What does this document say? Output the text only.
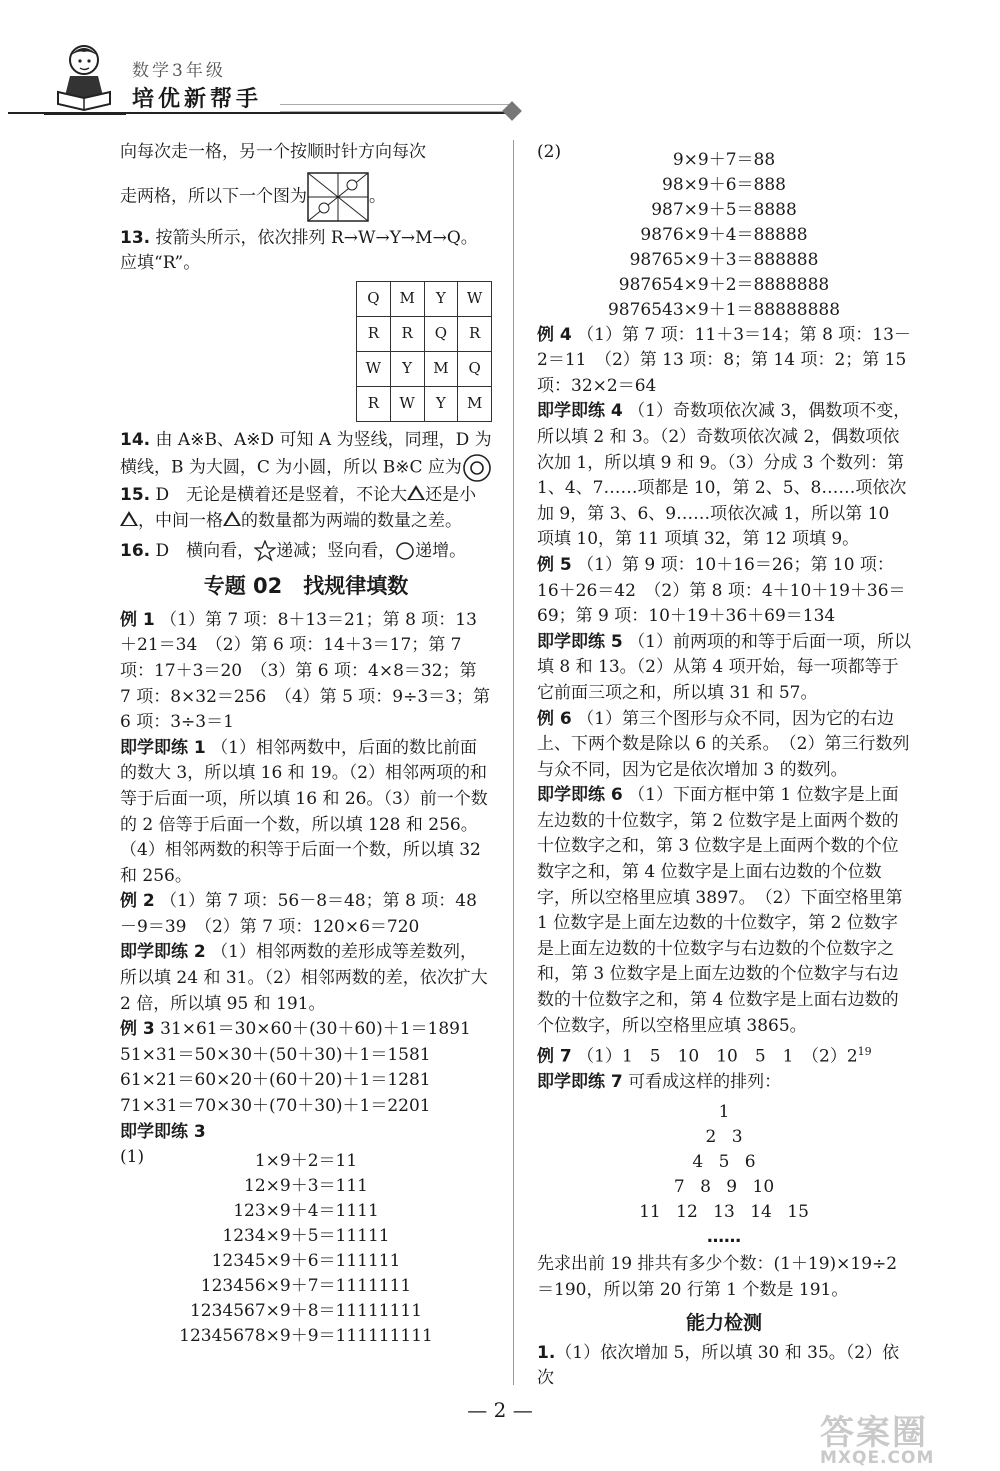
数学3年级
培优新帮手

向每次走一格，另一个按顺时针方向每次

走两格，所以下一个图为	。

13. 按箭头所示，依次排列 R→W→Y→M→Q。应填“R”。

Q	M	Y	W
R	R	Q	R
W	Y	M	Q
R	W	Y	M

14. 由 A※B、A※D 可知 A 为竖线，同理，D 为横线，B 为大圆，C 为小圆，所以 B※C 应为

15. D　无论是横着还是竖着，不论大 还是小，中间一格 的数量都为两端的数量之差。

16. D　横向看， 递减；竖向看， 递增。

专题 02　找规律填数

例 1 （1）第 7 项：8＋13＝21；第 8 项：13＋21＝34　（2）第 6 项：14＋3＝17；第 7 项：17＋3＝20　（3）第 6 项：4×8＝32；第 7 项：8×32＝256　（4）第 5 项：9÷3＝3；第 6 项：3÷3＝1

即学即练 1 （1）相邻两数中，后面的数比前面的数大 3，所以填 16 和 19。（2）相邻两项的和等于后面一项，所以填 16 和 26。（3）前一个数的 2 倍等于后面一个数，所以填 128 和 256。（4）相邻两数的积等于后面一个数，所以填 32 和 256。

例 2 （1）第 7 项：56－8＝48；第 8 项：48－9＝39　（2）第 7 项：120×6＝720

即学即练 2 （1）相邻两数的差形成等差数列，所以填 24 和 31。（2）相邻两数的差，依次扩大 2 倍，所以填 95 和 191。

例 3 31×61＝30×60＋(30＋60)＋1＝1891

51×31＝50×30＋(50＋30)＋1＝1581

61×21＝60×20＋(60＋20)＋1＝1281

71×31＝70×30＋(70＋30)＋1＝2201

即学即练 3

(1)	1×9＋2＝11

12×9＋3＝111

123×9＋4＝1111

1234×9＋5＝11111

12345×9＋6＝111111

123456×9＋7＝1111111

1234567×9＋8＝11111111

12345678×9＋9＝111111111

(2)	9×9＋7＝88

98×9＋6＝888

987×9＋5＝8888

9876×9＋4＝88888

98765×9＋3＝888888

987654×9＋2＝8888888

9876543×9＋1＝88888888

例 4 （1）第 7 项：11＋3＝14；第 8 项：13－2＝11　（2）第 13 项：8；第 14 项：2；第 15 项：32×2＝64

即学即练 4 （1）奇数项依次减 3，偶数项不变，所以填 2 和 3。（2）奇数项依次减 2，偶数项依次加 1，所以填 9 和 9。（3）分成 3 个数列：第 1、4、7……项都是 10，第 2、5、8……项依次加 9，第 3、6、9……项依次减 1，所以第 10 项填 10，第 11 项填 32，第 12 项填 9。

例 5 （1）第 9 项：10＋16＝26；第 10 项：16＋26＝42　（2）第 8 项：4＋10＋19＋36＝69；第 9 项：10＋19＋36＋69＝134

即学即练 5 （1）前两项的和等于后面一项，所以填 8 和 13。（2）从第 4 项开始，每一项都等于它前面三项之和，所以填 31 和 57。

例 6 （1）第三个图形与众不同，因为它的右边上、下两个数是除以 6 的关系。　（2）第三行数列与众不同，因为它是依次增加 3 的数列。

即学即练 6 （1）下面方框中第 1 位数字是上面左边数的十位数字，第 2 位数字是上面两个数的十位数字之和，第 3 位数字是上面两个数的个位数字之和，第 4 位数字是上面右边数的个位数字，所以空格里应填 3897。　（2）下面空格里第 1 位数字是上面左边数的十位数字，第 2 位数字是上面左边数的十位数字与右边数的个位数字之和，第 3 位数字是上面左边数的个位数字与右边数的十位数字之和，第 4 位数字是上面右边数的个位数字，所以空格里应填 3865。

例 7 （1）1　5　10　10　5　1　$(2)2^{19}$

即学即练 7 可看成这样的排列：

1

2 3

4 5 6

7 8 9 10

11 12 13 14 15

……

先求出前 19 排共有多少个数：(1＋19)×19÷2＝190，所以第 20 行第 1 个数是 191。

能力检测

1.（1）依次增加 5，所以填 30 和 35。（2）依次

— 2 —
答案圈
MXQE.COM
